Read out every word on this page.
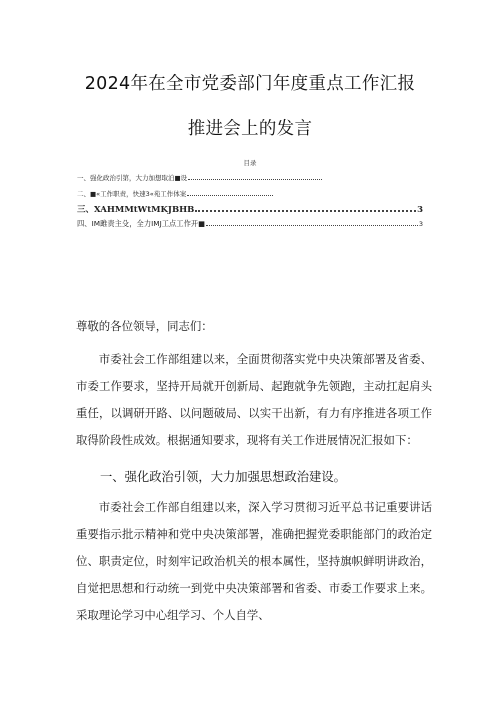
2024年在全市党委部门年度重点工作汇报
推进会上的发言
目录
一、强化政治引第，大力加想取泊■设
二、■«工作职责，快速3«苑工作体案
三、XAHMMtWtMKJBHB	3
四、IM雎责主殳，全力IMJ工点工作开■	3
尊敬的各位领导，同志们：
市委社会工作部组建以来，全面贯彻落实党中央决策部署及省委、市委工作要求，坚持开局就开创新局、起跑就争先领跑，主动扛起肩头重任，以调研开路、以问题破局、以实干出新，有力有序推进各项工作取得阶段性成效。根据通知要求，现将有关工作进展情况汇报如下：
一、强化政治引领，大力加强思想政治建设。
市委社会工作部自组建以来，深入学习贯彻习近平总书记重要讲话重要指示批示精神和党中央决策部署，准确把握党委职能部门的政治定位、职责定位，时刻牢记政治机关的根本属性，坚持旗帜鲜明讲政治，自觉把思想和行动统一到党中央决策部署和省委、市委工作要求上来。采取理论学习中心组学习、个人自学、
